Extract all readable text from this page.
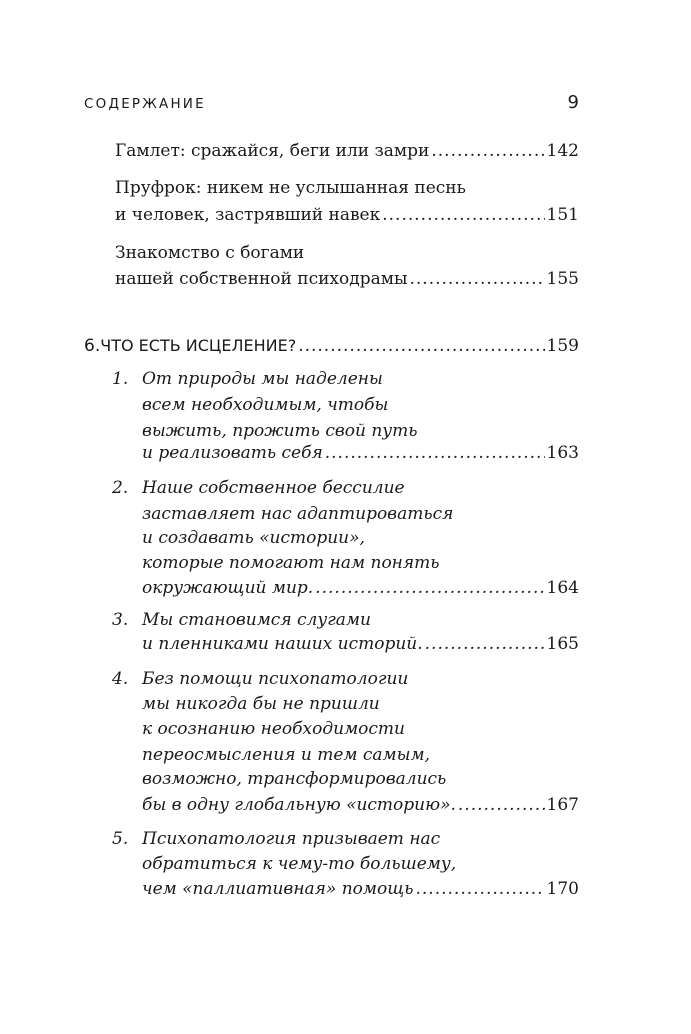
СОДЕРЖАНИЕ	9
Гамлет: сражайся, беги или замри .....	142
Пруфрок: никем не услышанная песнь
и человек, застрявший навек .....	151
Знакомство с богами
нашей собственной психодрамы .....	155
6. ЧТО ЕСТЬ ИСЦЕЛЕНИЕ? .....	159
1. От природы мы наделены
всем необходимым, чтобы
выжить, прожить свой путь
и реализовать себя .....	163
2. Наше собственное бессилие
заставляет нас адаптироваться
и создавать «истории»,
которые помогают нам понять
окружающий мир. .....	164
3. Мы становимся слугами
и пленниками наших историй. .....	165
4. Без помощи психопатологии
мы никогда бы не пришли
к осознанию необходимости
переосмысления и тем самым,
возможно, трансформировались
бы в одну глобальную «историю». .....	167
5. Психопатология призывает нас
обратиться к чему-то большему,
чем «паллиативная» помощь .....	170
